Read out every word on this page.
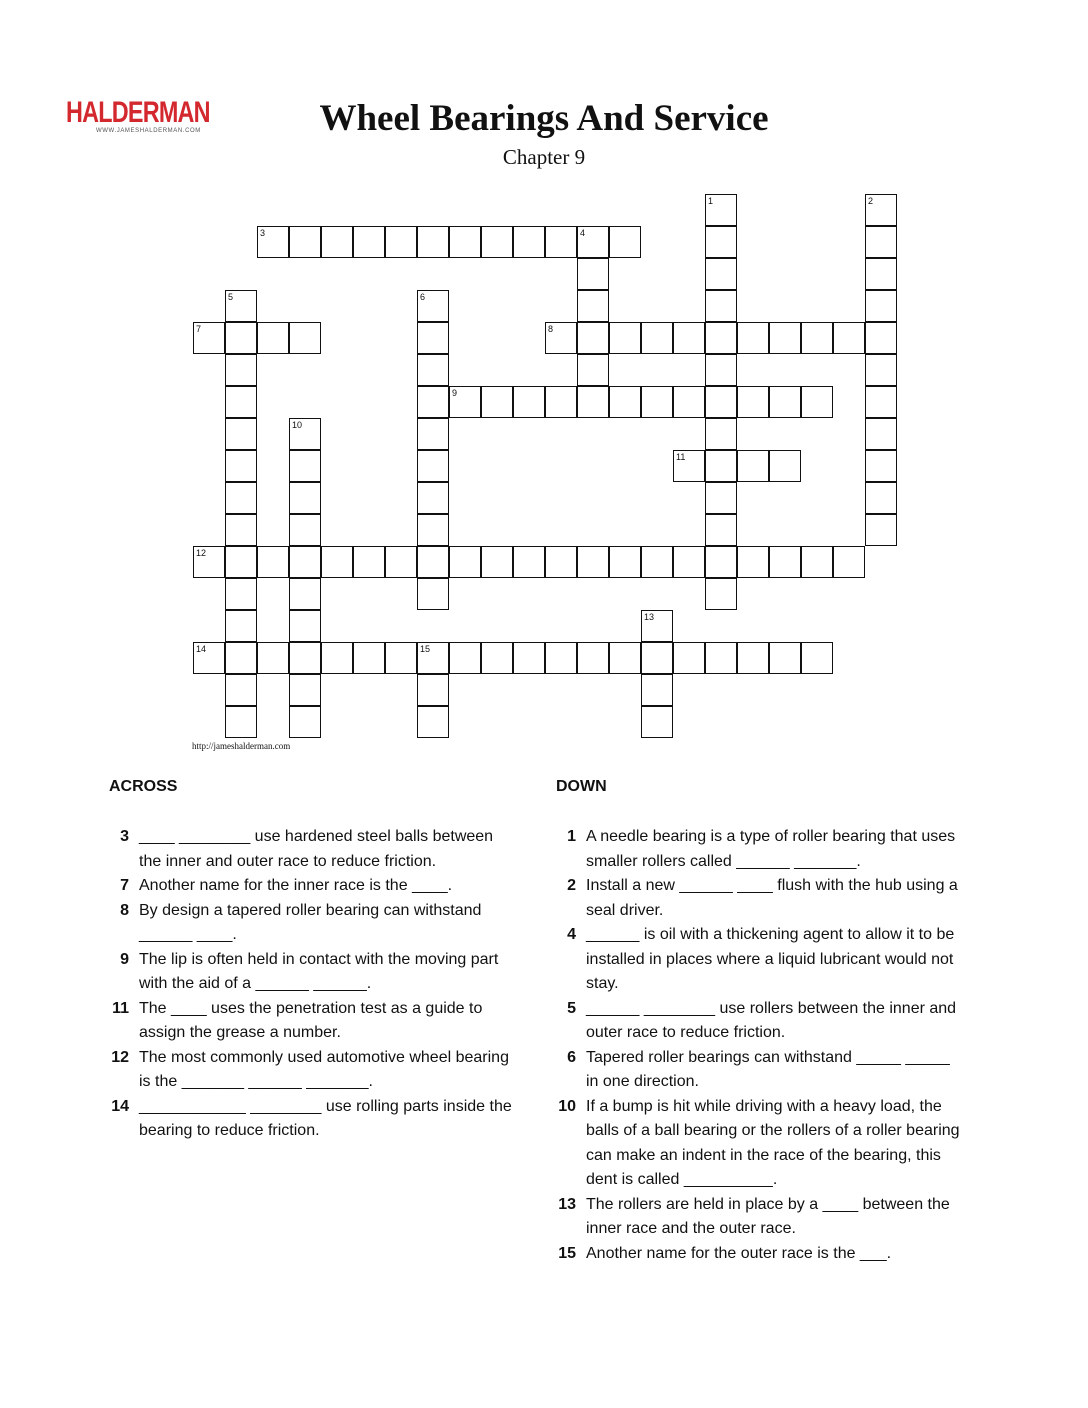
HALDERMAN
WWW.JAMESHALDERMAN.COM	Wheel Bearings And Service
Chapter 9
1	2
3	4
5	6
7	8
9
10
11
12
13
14	15
http://jameshalderman.com
ACROSS	DOWN
3 ____ ________ use hardened steel balls between the inner and outer race to reduce friction.
7 Another name for the inner race is the ____.
8 By design a tapered roller bearing can withstand ______ ____.
9 The lip is often held in contact with the moving part with the aid of a ______ ______.
11 The ____ uses the penetration test as a guide to assign the grease a number.
12 The most commonly used automotive wheel bearing is the _______ ______ _______.
14 ____________ ________ use rolling parts inside the bearing to reduce friction.
1 A needle bearing is a type of roller bearing that uses smaller rollers called ______ _______.
2 Install a new ______ ____ flush with the hub using a seal driver.
4 ______ is oil with a thickening agent to allow it to be installed in places where a liquid lubricant would not stay.
5 ______ ________ use rollers between the inner and outer race to reduce friction.
6 Tapered roller bearings can withstand _____ _____ in one direction.
10 If a bump is hit while driving with a heavy load, the balls of a ball bearing or the rollers of a roller bearing can make an indent in the race of the bearing, this dent is called __________.
13 The rollers are held in place by a ____ between the inner race and the outer race.
15 Another name for the outer race is the ___.
